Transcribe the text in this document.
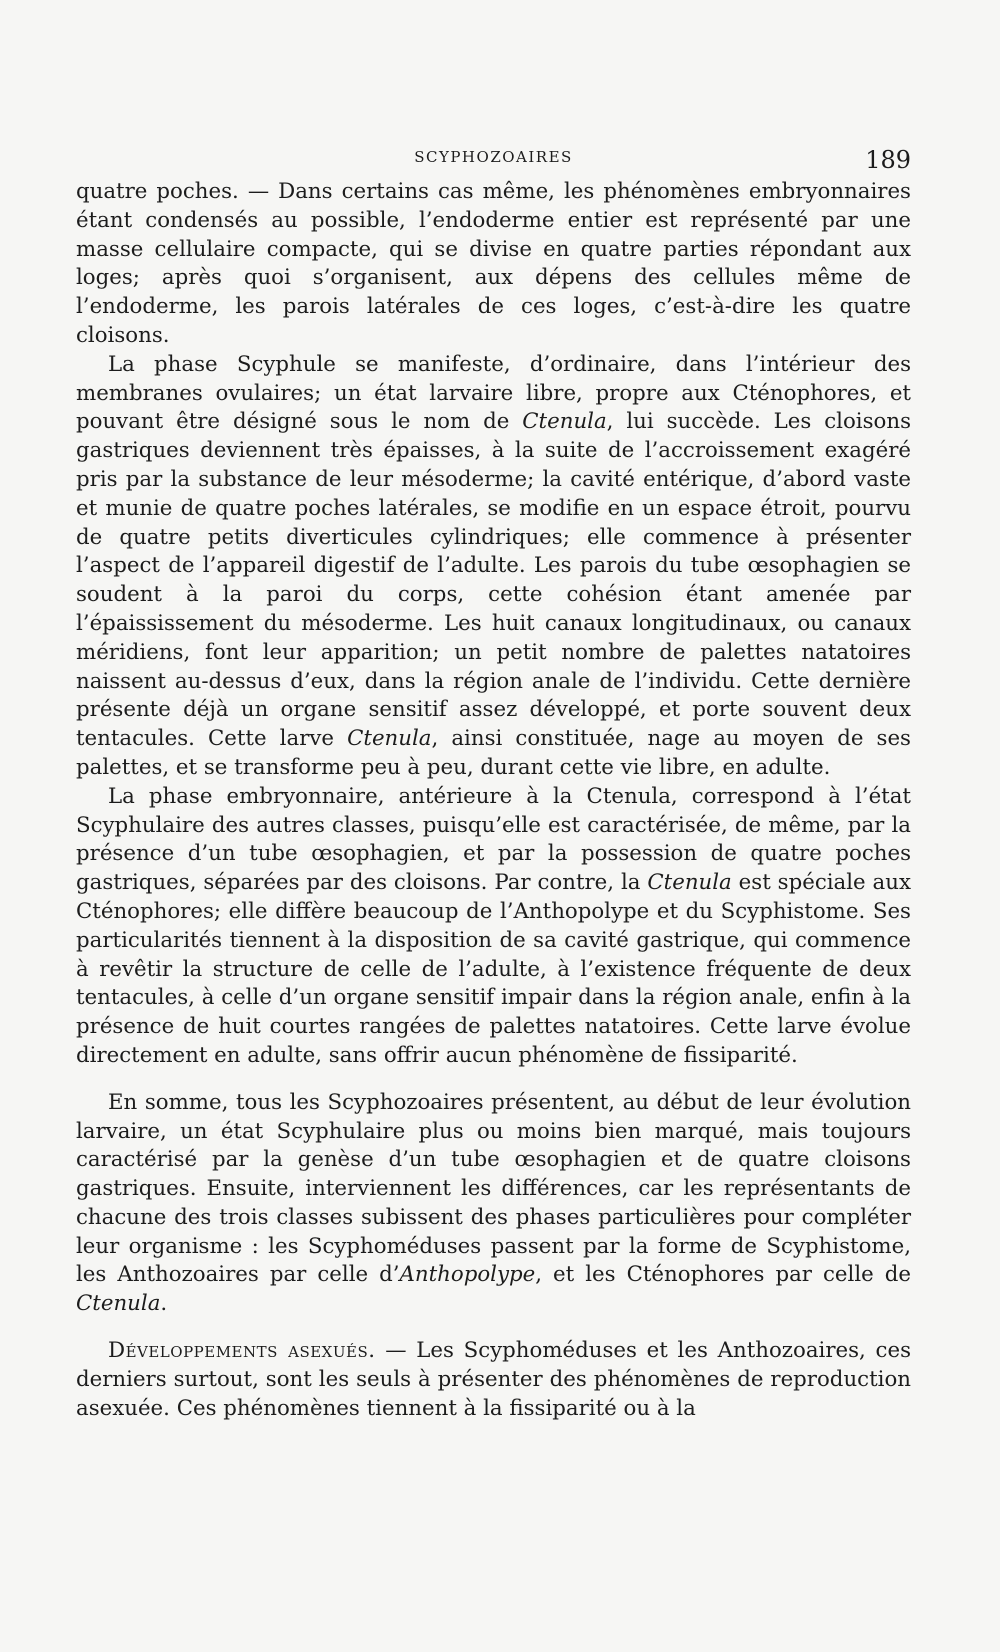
SCYPHOZOAIRES	189

quatre poches. — Dans certains cas même, les phénomènes embryonnaires étant condensés au possible, l’endoderme entier est représenté par une masse cellulaire compacte, qui se divise en quatre parties répondant aux loges; après quoi s’organisent, aux dépens des cellules même de l’endoderme, les parois latérales de ces loges, c’est-à-dire les quatre cloisons.

La phase Scyphule se manifeste, d’ordinaire, dans l’intérieur des membranes ovulaires; un état larvaire libre, propre aux Cténophores, et pouvant être désigné sous le nom de Ctenula, lui succède. Les cloisons gastriques deviennent très épaisses, à la suite de l’accroissement exagéré pris par la substance de leur mésoderme; la cavité entérique, d’abord vaste et munie de quatre poches latérales, se modifie en un espace étroit, pourvu de quatre petits diverticules cylindriques; elle commence à présenter l’aspect de l’appareil digestif de l’adulte. Les parois du tube œsophagien se soudent à la paroi du corps, cette cohésion étant amenée par l’épaississement du mésoderme. Les huit canaux longitudinaux, ou canaux méridiens, font leur apparition; un petit nombre de palettes natatoires naissent au-dessus d’eux, dans la région anale de l’individu. Cette dernière présente déjà un organe sensitif assez développé, et porte souvent deux tentacules. Cette larve Ctenula, ainsi constituée, nage au moyen de ses palettes, et se transforme peu à peu, durant cette vie libre, en adulte.

La phase embryonnaire, antérieure à la Ctenula, correspond à l’état Scyphulaire des autres classes, puisqu’elle est caractérisée, de même, par la présence d’un tube œsophagien, et par la possession de quatre poches gastriques, séparées par des cloisons. Par contre, la Ctenula est spéciale aux Cténophores; elle diffère beaucoup de l’Anthopolype et du Scyphistome. Ses particularités tiennent à la disposition de sa cavité gastrique, qui commence à revêtir la structure de celle de l’adulte, à l’existence fréquente de deux tentacules, à celle d’un organe sensitif impair dans la région anale, enfin à la présence de huit courtes rangées de palettes natatoires. Cette larve évolue directement en adulte, sans offrir aucun phénomène de fissiparité.

En somme, tous les Scyphozoaires présentent, au début de leur évolution larvaire, un état Scyphulaire plus ou moins bien marqué, mais toujours caractérisé par la genèse d’un tube œsophagien et de quatre cloisons gastriques. Ensuite, interviennent les différences, car les représentants de chacune des trois classes subissent des phases particulières pour compléter leur organisme : les Scyphoméduses passent par la forme de Scyphistome, les Anthozoaires par celle d’Anthopolype, et les Cténophores par celle de Ctenula.

Développements asexués. — Les Scyphoméduses et les Anthozoaires, ces derniers surtout, sont les seuls à présenter des phénomènes de reproduction asexuée. Ces phénomènes tiennent à la fissiparité ou à la
